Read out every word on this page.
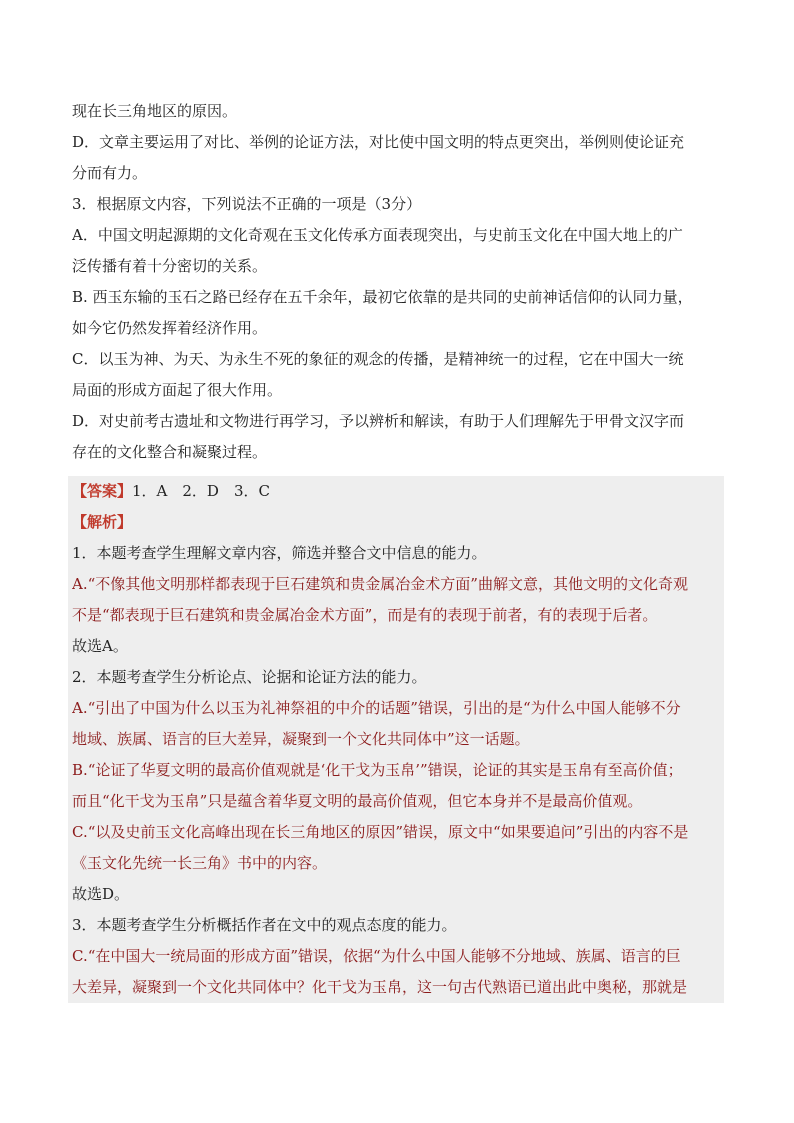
现在长三角地区的原因。
D．文章主要运用了对比、举例的论证方法，对比使中国文明的特点更突出，举例则使论证充
分而有力。
3．根据原文内容，下列说法不正确的一项是（3分）
A．中国文明起源期的文化奇观在玉文化传承方面表现突出，与史前玉文化在中国大地上的广
泛传播有着十分密切的关系。
B. 西玉东输的玉石之路已经存在五千余年，最初它依靠的是共同的史前神话信仰的认同力量，
如今它仍然发挥着经济作用。
C．以玉为神、为天、为永生不死的象征的观念的传播，是精神统一的过程，它在中国大一统
局面的形成方面起了很大作用。
D．对史前考古遗址和文物进行再学习，予以辨析和解读，有助于人们理解先于甲骨文汉字而
存在的文化整合和凝聚过程。
【答案】1．A　2．D　3．C
【解析】
1．本题考查学生理解文章内容，筛选并整合文中信息的能力。
A.“不像其他文明那样都表现于巨石建筑和贵金属冶金术方面”曲解文意，其他文明的文化奇观
不是“都表现于巨石建筑和贵金属冶金术方面”，而是有的表现于前者，有的表现于后者。
故选A。
2．本题考查学生分析论点、论据和论证方法的能力。
A.“引出了中国为什么以玉为礼神祭祖的中介的话题”错误，引出的是“为什么中国人能够不分
地域、族属、语言的巨大差异，凝聚到一个文化共同体中”这一话题。
B.“论证了华夏文明的最高价值观就是‘化干戈为玉帛’”错误，论证的其实是玉帛有至高价值；
而且“化干戈为玉帛”只是蕴含着华夏文明的最高价值观，但它本身并不是最高价值观。
C.“以及史前玉文化高峰出现在长三角地区的原因”错误，原文中“如果要追问”引出的内容不是
《玉文化先统一长三角》书中的内容。
故选D。
3．本题考查学生分析概括作者在文中的观点态度的能力。
C.“在中国大一统局面的形成方面”错误，依据“为什么中国人能够不分地域、族属、语言的巨
大差异，凝聚到一个文化共同体中？化干戈为玉帛，这一句古代熟语已道出此中奥秘，那就是
